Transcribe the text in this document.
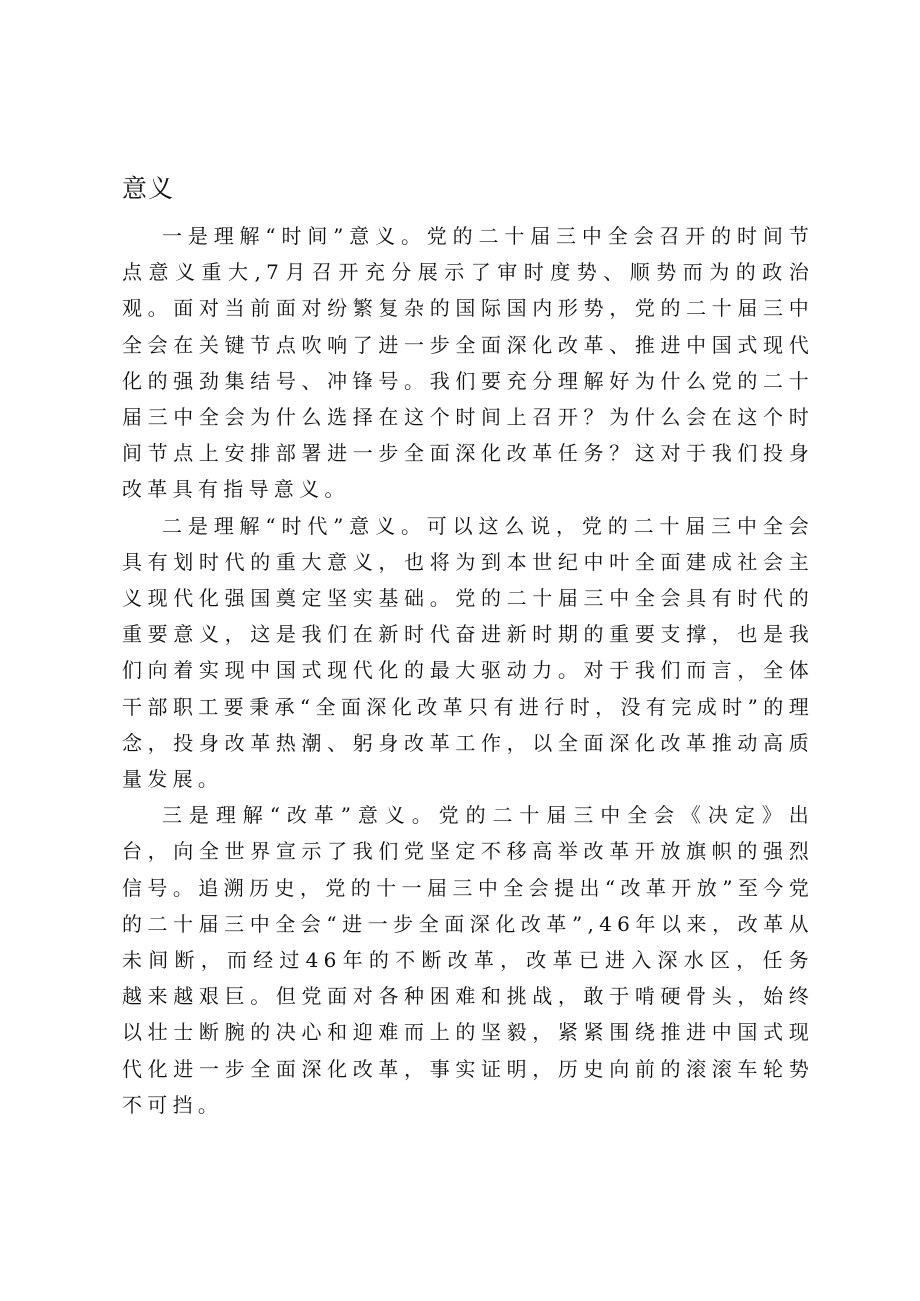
意义

一是理解“时间”意义。党的二十届三中全会召开的时间节点意义重大,7月召开充分展示了审时度势、顺势而为的政治观。面对当前面对纷繁复杂的国际国内形势，党的二十届三中全会在关键节点吹响了进一步全面深化改革、推进中国式现代化的强劲集结号、冲锋号。我们要充分理解好为什么党的二十届三中全会为什么选择在这个时间上召开？为什么会在这个时间节点上安排部署进一步全面深化改革任务？这对于我们投身改革具有指导意义。

二是理解“时代”意义。可以这么说，党的二十届三中全会具有划时代的重大意义，也将为到本世纪中叶全面建成社会主义现代化强国奠定坚实基础。党的二十届三中全会具有时代的重要意义，这是我们在新时代奋进新时期的重要支撑，也是我们向着实现中国式现代化的最大驱动力。对于我们而言，全体干部职工要秉承“全面深化改革只有进行时，没有完成时”的理念，投身改革热潮、躬身改革工作，以全面深化改革推动高质量发展。

三是理解“改革”意义。党的二十届三中全会《决定》出台，向全世界宣示了我们党坚定不移高举改革开放旗帜的强烈信号。追溯历史，党的十一届三中全会提出“改革开放”至今党的二十届三中全会“进一步全面深化改革”,46年以来，改革从未间断，而经过46年的不断改革，改革已进入深水区，任务越来越艰巨。但党面对各种困难和挑战，敢于啃硬骨头，始终以壮士断腕的决心和迎难而上的坚毅，紧紧围绕推进中国式现代化进一步全面深化改革，事实证明，历史向前的滚滚车轮势不可挡。
